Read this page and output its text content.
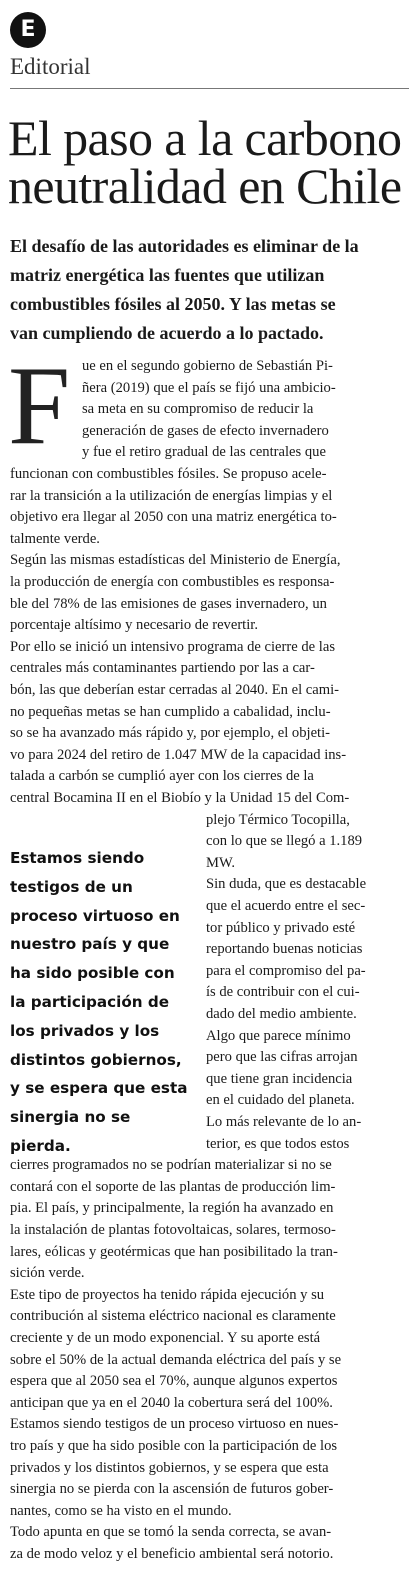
E
Editorial
El paso a la carbono
neutralidad en Chile

El desafío de las autoridades es eliminar de la
matriz energética las fuentes que utilizan
combustibles fósiles al 2050. Y las metas se
van cumpliendo de acuerdo a lo pactado.

F

Estamos siendo
testigos de un
proceso virtuoso en
nuestro país y que
ha sido posible con
la participación de
los privados y los
distintos gobiernos,
y se espera que esta
sinergia no se
pierda.

ue en el segundo gobierno de Sebastián Pi-
ñera (2019) que el país se fijó una ambicio-
sa meta en su compromiso de reducir la
generación de gases de efecto invernadero
y fue el retiro gradual de las centrales que
funcionan con combustibles fósiles. Se propuso acele-
rar la transición a la utilización de energías limpias y el
objetivo era llegar al 2050 con una matriz energética to-
talmente verde.
Según las mismas estadísticas del Ministerio de Energía,
la producción de energía con combustibles es responsa-
ble del 78% de las emisiones de gases invernadero, un
porcentaje altísimo y necesario de revertir.
Por ello se inició un intensivo programa de cierre de las
centrales más contaminantes partiendo por las a car-
bón, las que deberían estar cerradas al 2040. En el cami-
no pequeñas metas se han cumplido a cabalidad, inclu-
so se ha avanzado más rápido y, por ejemplo, el objeti-
vo para 2024 del retiro de 1.047 MW de la capacidad ins-
talada a carbón se cumplió ayer con los cierres de la
central Bocamina II en el Biobío y la Unidad 15 del Com-
plejo Térmico Tocopilla,
con lo que se llegó a 1.189
MW.
Sin duda, que es destacable
que el acuerdo entre el sec-
tor público y privado esté
reportando buenas noticias
para el compromiso del pa-
ís de contribuir con el cui-
dado del medio ambiente.
Algo que parece mínimo
pero que las cifras arrojan
que tiene gran incidencia
en el cuidado del planeta.
Lo más relevante de lo an-
terior, es que todos estos
cierres programados no se podrían materializar si no se
contará con el soporte de las plantas de producción lim-
pia. El país, y principalmente, la región ha avanzado en
la instalación de plantas fotovoltaicas, solares, termoso-
lares, eólicas y geotérmicas que han posibilitado la tran-
sición verde.
Este tipo de proyectos ha tenido rápida ejecución y su
contribución al sistema eléctrico nacional es claramente
creciente y de un modo exponencial. Y su aporte está
sobre el 50% de la actual demanda eléctrica del país y se
espera que al 2050 sea el 70%, aunque algunos expertos
anticipan que ya en el 2040 la cobertura será del 100%.
Estamos siendo testigos de un proceso virtuoso en nues-
tro país y que ha sido posible con la participación de los
privados y los distintos gobiernos, y se espera que esta
sinergia no se pierda con la ascensión de futuros gober-
nantes, como se ha visto en el mundo.
Todo apunta en que se tomó la senda correcta, se avan-
za de modo veloz y el beneficio ambiental será notorio.
